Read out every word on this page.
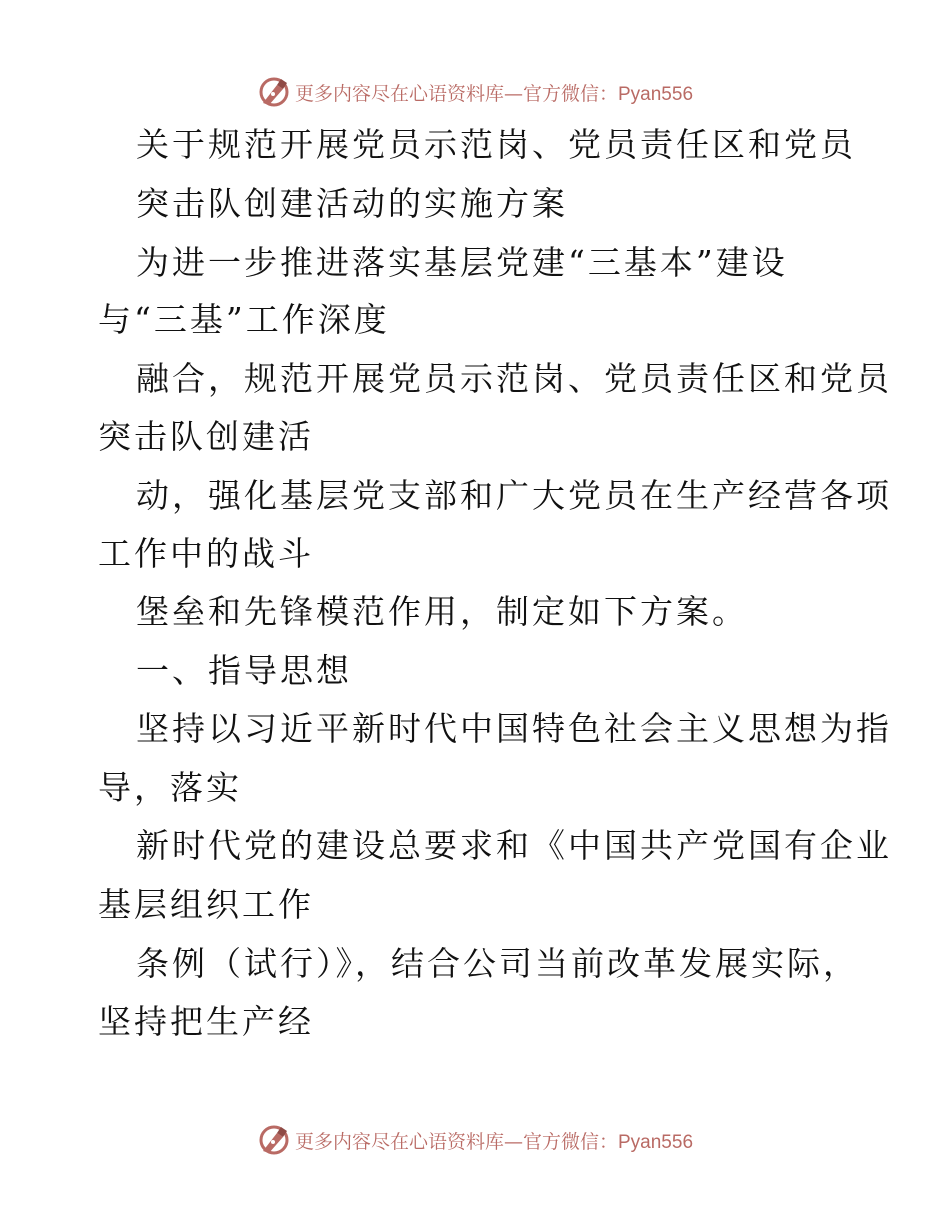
更多内容尽在心语资料库—官方微信：Pyan556
关于规范开展党员示范岗、党员责任区和党员
突击队创建活动的实施方案
为进一步推进落实基层党建“三基本”建设
与“三基”工作深度
融合，规范开展党员示范岗、党员责任区和党员
突击队创建活
动，强化基层党支部和广大党员在生产经营各项
工作中的战斗
堡垒和先锋模范作用，制定如下方案。
一、指导思想
坚持以习近平新时代中国特色社会主义思想为指
导，落实
新时代党的建设总要求和《中国共产党国有企业
基层组织工作
条例（试行）》，结合公司当前改革发展实际，
坚持把生产经
更多内容尽在心语资料库—官方微信：Pyan556
